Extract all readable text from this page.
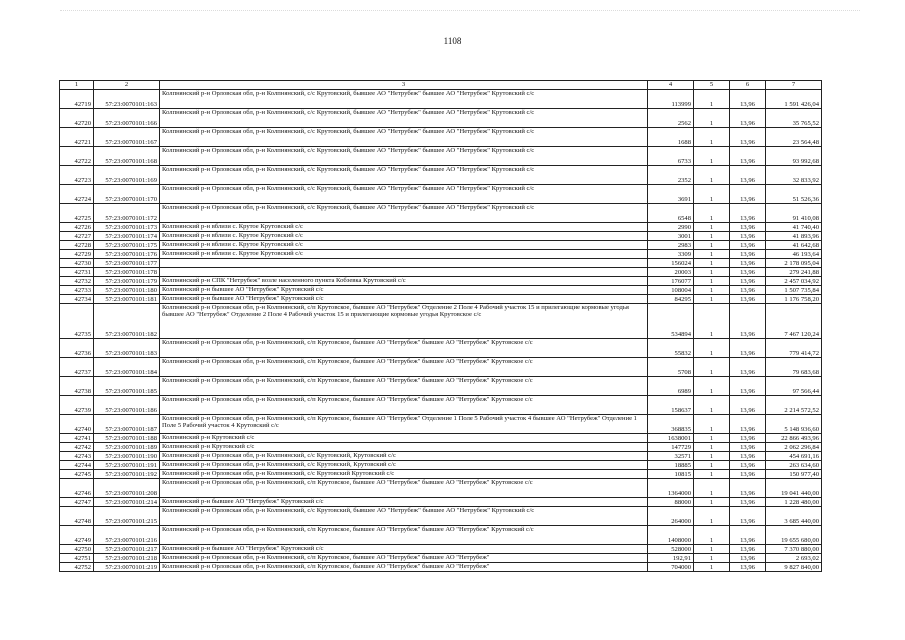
1108
1	2	3	4	5	6	7
42719	57:23:0070101:163	Колпнянский р-н Орловская обл, р-н Колпнянский, с/с Крутовский, бывшее АО "Нетрубеж" бывшее АО "Нетрубеж" Крутовский с/с	113999	1	13,96	1 591 426,04
42720	57:23:0070101:166	Колпнянский р-н Орловская обл, р-н Колпнянский, с/с Крутовский, бывшее АО "Нетрубеж" бывшее АО "Нетрубеж" Крутовский с/с	2562	1	13,96	35 765,52
42721	57:23:0070101:167	Колпнянский р-н Орловская обл, р-н Колпнянский, с/с Крутовский, бывшее АО "Нетрубеж" бывшее АО "Нетрубеж" Крутовский с/с	1688	1	13,96	23 564,48
42722	57:23:0070101:168	Колпнянский р-н Орловская обл, р-н Колпнянский, с/с Крутовский, бывшее АО "Нетрубеж" бывшее АО "Нетрубеж" Крутовский с/с	6733	1	13,96	93 992,68
42723	57:23:0070101:169	Колпнянский р-н Орловская обл, р-н Колпнянский, с/с Крутовский, бывшее АО "Нетрубеж" бывшее АО "Нетрубеж" Крутовский с/с	2352	1	13,96	32 833,92
42724	57:23:0070101:170	Колпнянский р-н Орловская обл, р-н Колпнянский, с/с Крутовский, бывшее АО "Нетрубеж" бывшее АО "Нетрубеж" Крутовский с/с	3691	1	13,96	51 526,36
42725	57:23:0070101:172	Колпнянский р-н Орловская обл, р-н Колпнянский, с/с Крутовский, бывшее АО "Нетрубеж" бывшее АО "Нетрубеж" Крутовский с/с	6548	1	13,96	91 410,08
42726	57:23:0070101:173	Колпнянский р-н вблизи с. Крутое Крутовский с/с	2990	1	13,96	41 740,40
42727	57:23:0070101:174	Колпнянский р-н вблизи с. Крутое Крутовский с/с	3001	1	13,96	41 893,96
42728	57:23:0070101:175	Колпнянский р-н вблизи с. Крутое Крутовский с/с	2983	1	13,96	41 642,68
42729	57:23:0070101:176	Колпнянский р-н вблизи с. Крутое Крутовский с/с	3309	1	13,96	46 193,64
42730	57:23:0070101:177		156024	1	13,96	2 178 095,04
42731	57:23:0070101:178		20003	1	13,96	279 241,88
42732	57:23:0070101:179	Колпнянский р-н СПК "Нетрубеж" возле населенного пункта Кобзевка Крутовский с/с	176077	1	13,96	2 457 034,92
42733	57:23:0070101:180	Колпнянский р-н бывшее АО "Нетрубеж" Крутовский с/с	108004	1	13,96	1 507 735,84
42734	57:23:0070101:181	Колпнянский р-н бывшее АО "Нетрубеж" Крутовский с/с	84295	1	13,96	1 176 758,20
42735	57:23:0070101:182	Колпнянский р-н Орловская обл, р-н Колпнянский, с/п Крутовское, бывшее АО "Нетрубеж" Отделение 2 Поле 4 Рабочий участок 15 и прилегающие кормовые угодья бывшее АО "Нетрубеж" Отделение 2 Поле 4 Рабочий участок 15 и прилегающие кормовые угодья Крутовское с/с	534894	1	13,96	7 467 120,24
42736	57:23:0070101:183	Колпнянский р-н Орловская обл, р-н Колпнянский, с/п Крутовское, бывшее АО "Нетрубеж" бывшее АО "Нетрубеж" Крутовское с/с	55832	1	13,96	779 414,72
42737	57:23:0070101:184	Колпнянский р-н Орловская обл, р-н Колпнянский, с/п Крутовское, бывшее АО "Нетрубеж" бывшее АО "Нетрубеж" Крутовское с/с	5708	1	13,96	79 683,68
42738	57:23:0070101:185	Колпнянский р-н Орловская обл, р-н Колпнянский, с/п Крутовское, бывшее АО "Нетрубеж" бывшее АО "Нетрубеж" Крутовское с/с	6989	1	13,96	97 566,44
42739	57:23:0070101:186	Колпнянский р-н Орловская обл, р-н Колпнянский, с/п Крутовское, бывшее АО "Нетрубеж" бывшее АО "Нетрубеж" Крутовское с/с	158637	1	13,96	2 214 572,52
42740	57:23:0070101:187	Колпнянский р-н Орловская обл, р-н Колпнянский, с/п Крутовское, бывшее АО "Нетрубеж" Отделение 1 Поле 5 Рабочий участок 4 бывшее АО "Нетрубеж" Отделение 1 Поле 5 Рабочий участок 4 Крутовский с/с	368835	1	13,96	5 148 936,60
42741	57:23:0070101:188	Колпнянский р-н Крутовский с/с	1638001	1	13,96	22 866 493,96
42742	57:23:0070101:189	Колпнянский р-н Крутовский с/с	147729	1	13,96	2 062 296,84
42743	57:23:0070101:190	Колпнянский р-н Орловская обл, р-н Колпнянский, с/с Крутовский, Крутовский с/с	32571	1	13,96	454 691,16
42744	57:23:0070101:191	Колпнянский р-н Орловская обл, р-н Колпнянский, с/с Крутовский, Крутовский с/с	18885	1	13,96	263 634,60
42745	57:23:0070101:192	Колпнянский р-н Орловская обл, р-н Колпнянский, с/с Крутовский Крутовский с/с	10815	1	13,96	150 977,40
42746	57:23:0070101:208	Колпнянский р-н Орловская обл, р-н Колпнянский, с/п Крутовское, бывшее АО "Нетрубеж" бывшее АО "Нетрубеж" Крутовское с/с	1364000	1	13,96	19 041 440,00
42747	57:23:0070101:214	Колпнянский р-н бывшее АО "Нетрубеж" Крутовский с/с	88000	1	13,96	1 228 480,00
42748	57:23:0070101:215	Колпнянский р-н Орловская обл, р-н Колпнянский, с/с Крутовский, бывшее АО "Нетрубеж" бывшее АО "Нетрубеж" Крутовский с/с	264000	1	13,96	3 685 440,00
42749	57:23:0070101:216	Колпнянский р-н Орловская обл, р-н Колпнянский, с/п Крутовское, бывшее АО "Нетрубеж" бывшее АО "Нетрубеж" Крутовский с/с	1408000	1	13,96	19 655 680,00
42750	57:23:0070101:217	Колпнянский р-н бывшее АО "Нетрубеж" Крутовский с/с	528000	1	13,96	7 370 880,00
42751	57:23:0070101:218	Колпнянский р-н Орловская обл, р-н Колпнянский, с/п Крутовское, бывшее АО "Нетрубеж" бывшее АО "Нетрубеж"	192,91	1	13,96	2 693,02
42752	57:23:0070101:219	Колпнянский р-н Орловская обл, р-н Колпнянский, с/п Крутовское, бывшее АО "Нетрубеж" бывшее АО "Нетрубеж"	704000	1	13,96	9 827 840,00
